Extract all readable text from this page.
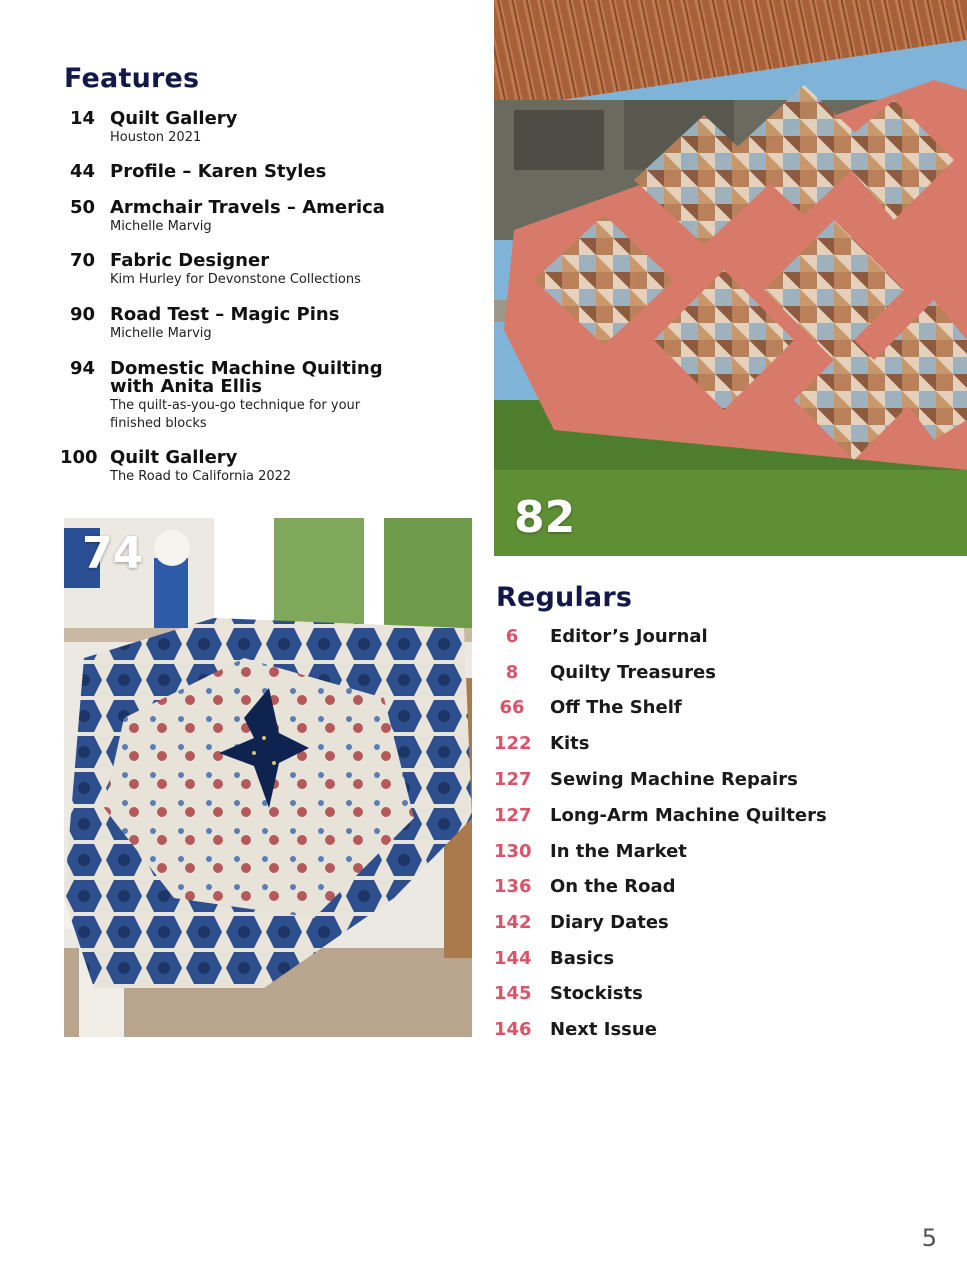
Features
Regulars
14 Quilt Gallery
Houston 2021
44 Profile – Karen Styles
50 Armchair Travels – America
Michelle Marvig
70 Fabric Designer
Kim Hurley for Devonstone Collections
90 Road Test – Magic Pins
Michelle Marvig
94 Domestic Machine Quilting
with Anita Ellis
The quilt-as-you-go technique for your
finished blocks
100 Quilt Gallery
The Road to California 2022
82
74
6	Editor’s Journal
8	Quilty Treasures
66	Off The Shelf
122 Kits
127 Sewing Machine Repairs
127 Long-Arm Machine Quilters
130 In the Market
136 On the Road
142 Diary Dates
144 Basics
145 Stockists
146 Next Issue
5
